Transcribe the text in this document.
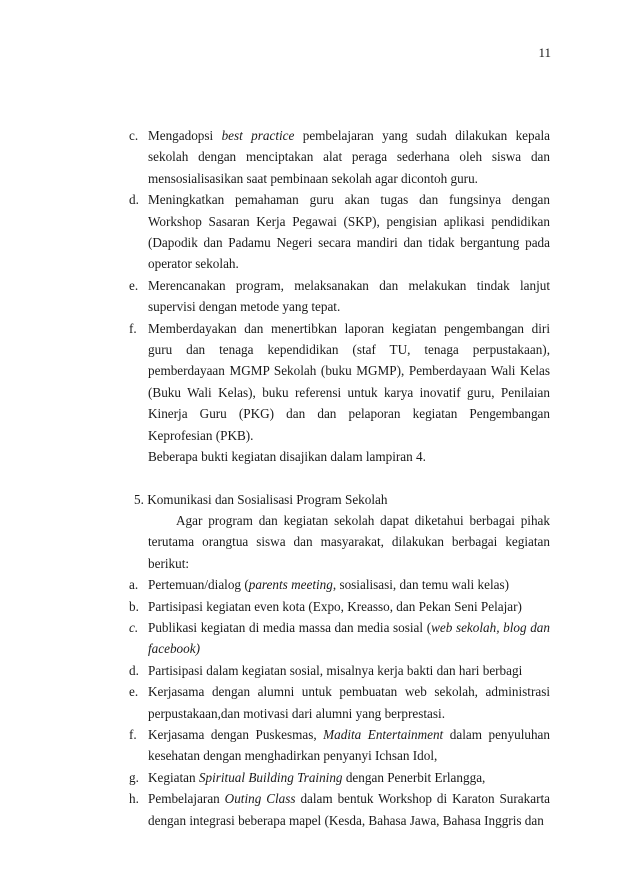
11
c. Mengadopsi best practice pembelajaran yang sudah dilakukan kepala sekolah dengan menciptakan alat peraga sederhana oleh siswa dan mensosialisasikan saat pembinaan sekolah agar dicontoh guru.
d. Meningkatkan pemahaman guru akan tugas dan fungsinya dengan Workshop Sasaran Kerja Pegawai (SKP), pengisian aplikasi pendidikan (Dapodik dan Padamu Negeri secara mandiri dan tidak bergantung pada operator sekolah.
e. Merencanakan program, melaksanakan dan melakukan tindak lanjut supervisi dengan metode yang tepat.
f. Memberdayakan dan menertibkan laporan kegiatan pengembangan diri guru dan tenaga kependidikan (staf TU, tenaga perpustakaan), pemberdayaan MGMP Sekolah (buku MGMP), Pemberdayaan Wali Kelas (Buku Wali Kelas), buku referensi untuk karya inovatif guru, Penilaian Kinerja Guru (PKG) dan dan pelaporan kegiatan Pengembangan Keprofesian (PKB).
Beberapa bukti kegiatan disajikan dalam lampiran 4.
5. Komunikasi dan Sosialisasi Program Sekolah
Agar program dan kegiatan sekolah dapat diketahui berbagai pihak terutama orangtua siswa dan masyarakat, dilakukan berbagai kegiatan berikut:
a. Pertemuan/dialog (parents meeting, sosialisasi, dan temu wali kelas)
b. Partisipasi kegiatan even kota (Expo, Kreasso, dan Pekan Seni Pelajar)
c. Publikasi kegiatan di media massa dan media sosial (web sekolah, blog dan facebook)
d. Partisipasi dalam kegiatan sosial, misalnya kerja bakti dan hari berbagi
e. Kerjasama dengan alumni untuk pembuatan web sekolah, administrasi perpustakaan,dan motivasi dari alumni yang berprestasi.
f. Kerjasama dengan Puskesmas, Madita Entertainment dalam penyuluhan kesehatan dengan menghadirkan penyanyi Ichsan Idol,
g. Kegiatan Spiritual Building Training dengan Penerbit Erlangga,
h. Pembelajaran Outing Class dalam bentuk Workshop di Karaton Surakarta dengan integrasi beberapa mapel (Kesda, Bahasa Jawa, Bahasa Inggris dan
